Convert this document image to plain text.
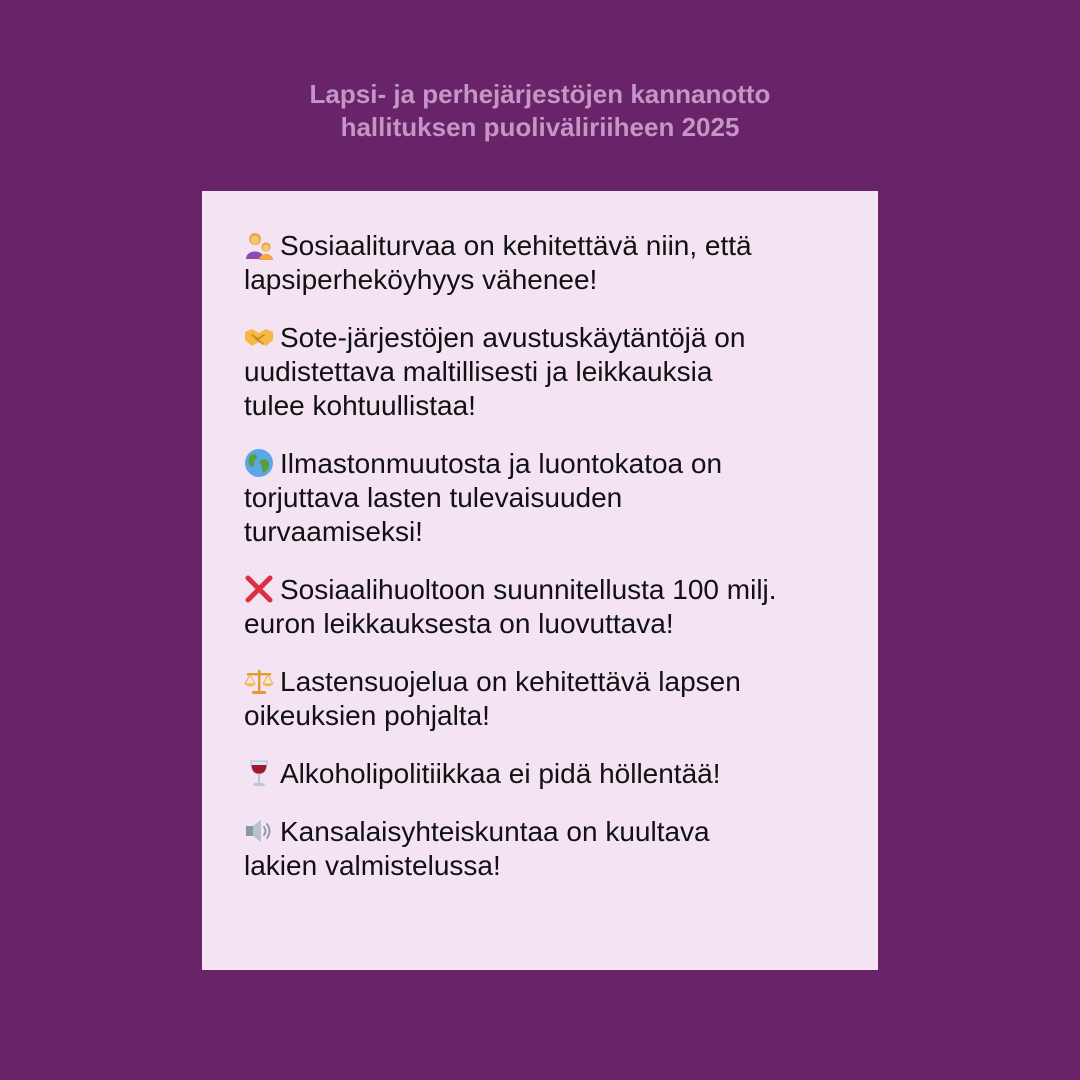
Lapsi- ja perhejärjestöjen kannanotto
hallituksen puoliväliriiheen 2025
Sosiaaliturvaa on kehitettävä niin, että
lapsiperheköyhyys vähenee!
Sote-järjestöjen avustuskäytäntöjä on
uudistettava maltillisesti ja leikkauksia
tulee kohtuullistaa!
Ilmastonmuutosta ja luontokatoa on
torjuttava lasten tulevaisuuden
turvaamiseksi!
Sosiaalihuoltoon suunnitellusta 100 milj.
euron leikkauksesta on luovuttava!
Lastensuojelua on kehitettävä lapsen
oikeuksien pohjalta!
Alkoholipolitiikkaa ei pidä höllentää!
Kansalaisyhteiskuntaa on kuultava
lakien valmistelussa!
